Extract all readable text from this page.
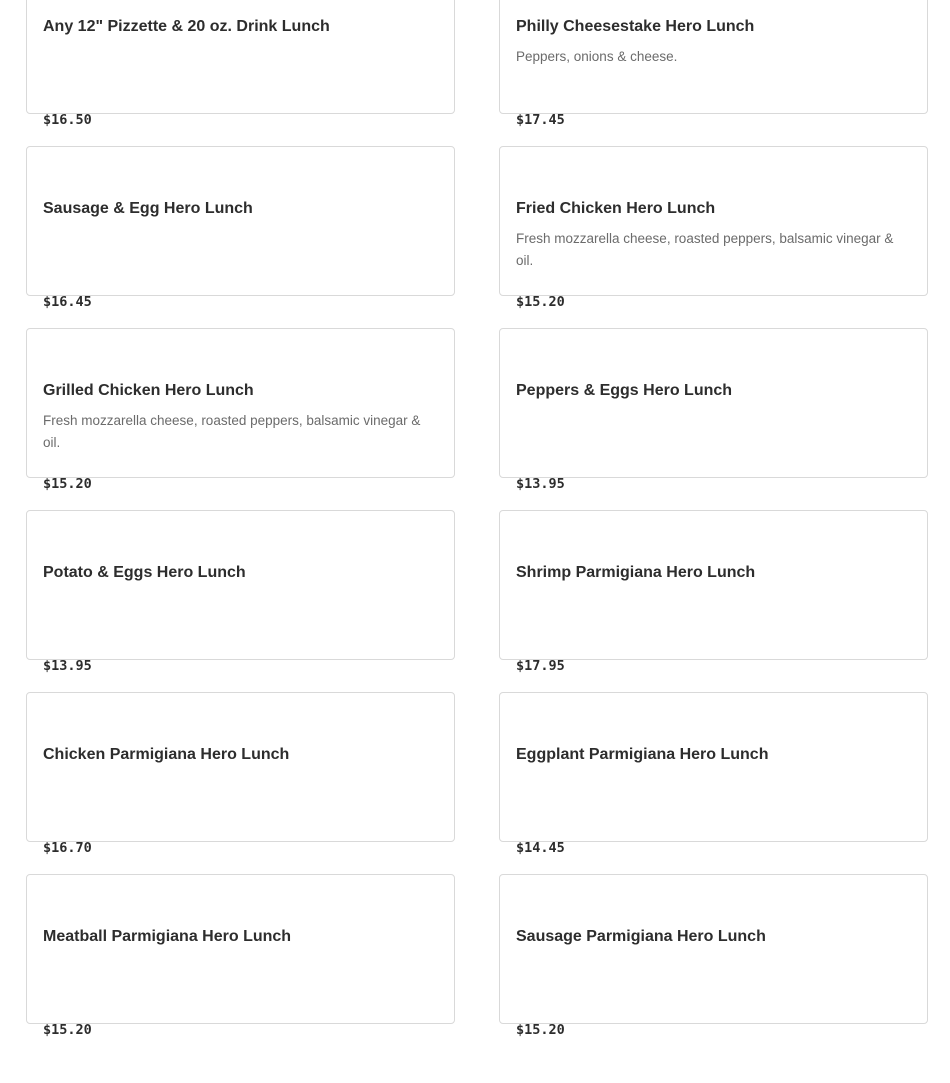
Any 12" Pizzette & 20 oz. Drink Lunch
$16.50
Philly Cheesestake Hero Lunch
Peppers, onions & cheese.
$17.45
Sausage & Egg Hero Lunch
$16.45
Fried Chicken Hero Lunch
Fresh mozzarella cheese, roasted peppers, balsamic vinegar & oil.
$15.20
Grilled Chicken Hero Lunch
Fresh mozzarella cheese, roasted peppers, balsamic vinegar & oil.
$15.20
Peppers & Eggs Hero Lunch
$13.95
Potato & Eggs Hero Lunch
$13.95
Shrimp Parmigiana Hero Lunch
$17.95
Chicken Parmigiana Hero Lunch
$16.70
Eggplant Parmigiana Hero Lunch
$14.45
Meatball Parmigiana Hero Lunch
$15.20
Sausage Parmigiana Hero Lunch
$15.20
